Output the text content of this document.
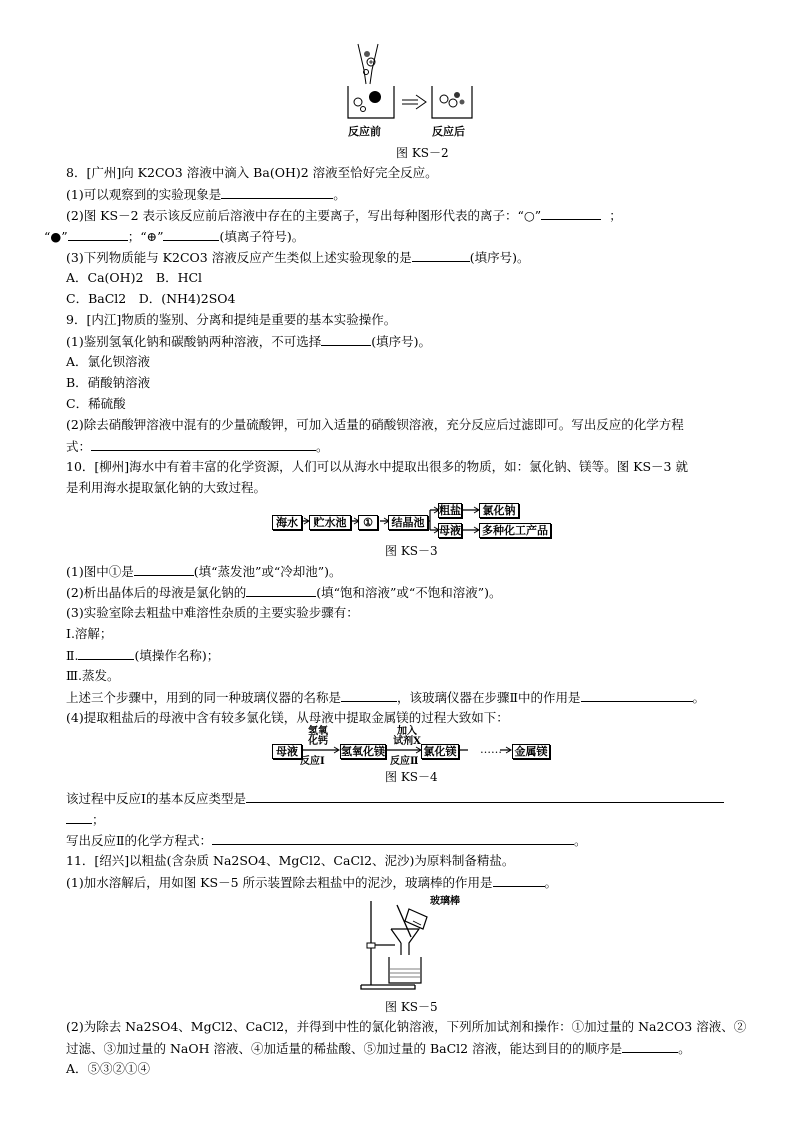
反应前	反应后
图 KS－2
8．[广州]向 K2CO3 溶液中滴入 Ba(OH)2 溶液至恰好完全反应。
(1)可以观察到的实验现象是	。
(2)图 KS－2 表示该反应前后溶液中存在的主要离子，写出每种图形代表的离子：“○”	；
“●”	；“⊕”	(填离子符号)。
(3)下列物质能与 K2CO3 溶液反应产生类似上述实验现象的是	(填序号)。
A．Ca(OH)2　B．HCl
C．BaCl2　D．(NH4)2SO4
9．[内江]物质的鉴别、分离和提纯是重要的基本实验操作。
(1)鉴别氢氧化钠和碳酸钠两种溶液，不可选择	(填序号)。
A．氯化钡溶液
B．硝酸钠溶液
C．稀硫酸
(2)除去硝酸钾溶液中混有的少量硫酸钾，可加入适量的硝酸钡溶液，充分反应后过滤即可。写出反应的化学方程
式：	。
10．[柳州]海水中有着丰富的化学资源，人们可以从海水中提取出很多的物质，如：氯化钠、镁等。图 KS－3 就
是利用海水提取氯化钠的大致过程。
海水	贮水池	①	结晶池
粗盐	氯化钠
母液 多种化工产品
图 KS－3
(1)图中①是	(填“蒸发池”或“冷却池”)。
(2)析出晶体后的母液是氯化钠的	(填“饱和溶液”或“不饱和溶液”)。
(3)实验室除去粗盐中难溶性杂质的主要实验步骤有：
Ⅰ.溶解；
Ⅱ.	(填操作名称)；
Ⅲ.蒸发。
上述三个步骤中，用到的同一种玻璃仪器的名称是	，该玻璃仪器在步骤Ⅱ中的作用是	。
(4)提取粗盐后的母液中含有较多氯化镁，从母液中提取金属镁的过程大致如下：
母液
氢氧
化钙
反应Ⅰ
氢氧化镁
加入
试剂X
反应Ⅱ
氯化镁 …… 金属镁
图 KS－4
该过程中反应Ⅰ的基本反应类型是
；
写出反应Ⅱ的化学方程式：	。
11．[绍兴]以粗盐(含杂质 Na2SO4、MgCl2、CaCl2、泥沙)为原料制备精盐。
(1)加水溶解后，用如图 KS－5 所示装置除去粗盐中的泥沙，玻璃棒的作用是	。
玻璃棒
图 KS－5
(2)为除去 Na2SO4、MgCl2、CaCl2，并得到中性的氯化钠溶液，下列所加试剂和操作：①加过量的 Na2CO3 溶液、②
过滤、③加过量的 NaOH 溶液、④加适量的稀盐酸、⑤加过量的 BaCl2 溶液，能达到目的的顺序是	。
A．⑤③②①④
